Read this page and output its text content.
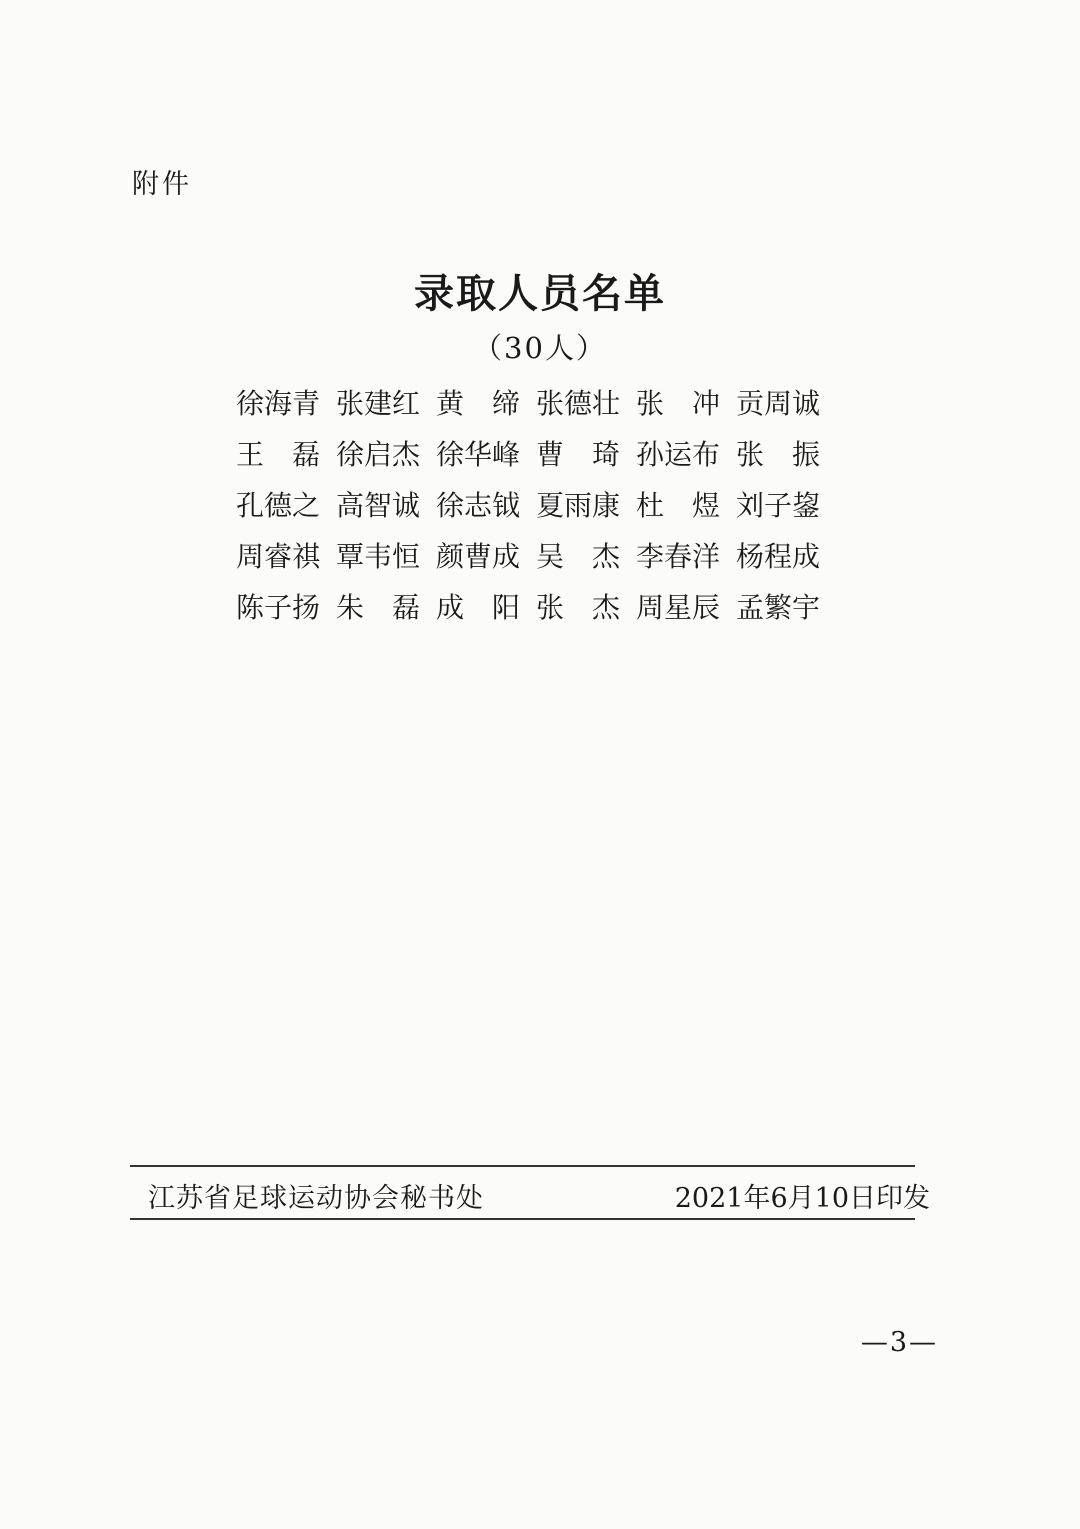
附件
录取人员名单
（30人）
徐海青 张建红 黄　缔 张德壮 张　冲 贡周诚
王　磊 徐启杰 徐华峰 曹　琦 孙运布 张　振
孔德之 高智诚 徐志钺 夏雨康 杜　煜 刘子鋆
周睿祺 覃韦恒 颜曹成 吴　杰 李春洋 杨程成
陈子扬 朱　磊 成　阳 张　杰 周星辰 孟繁宇
江苏省足球运动协会秘书处	2021年6月10日印发
—3—
